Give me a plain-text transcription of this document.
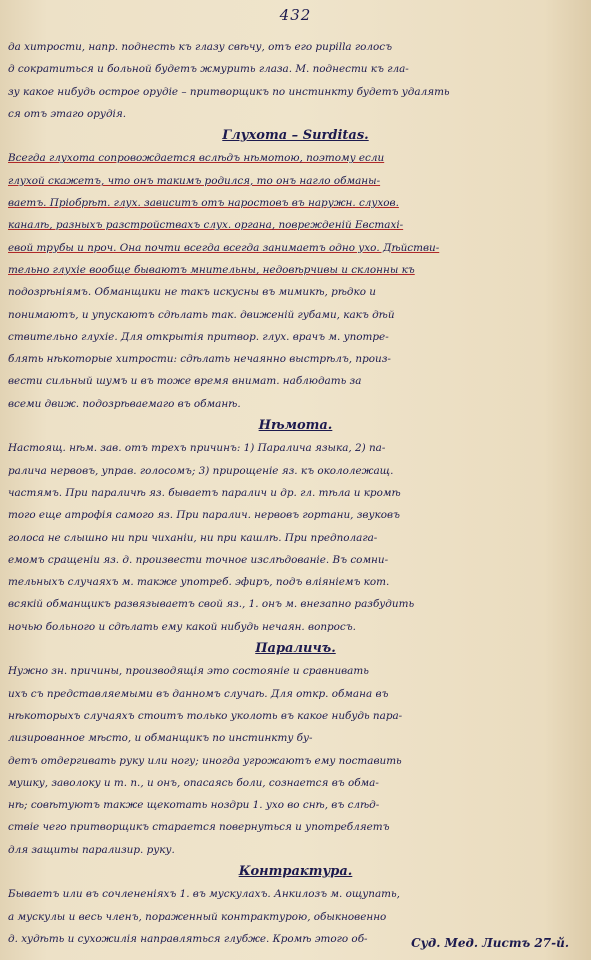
432
да хитрости, напр. поднесть къ глазу свѣчу, отъ его pupilla голосъ
д сократиться и больной будетъ жмурить глаза. М. поднести къ гла-
зу какое нибудь острое орудіе – притворщикъ по инстинкту будетъ удалять
ся отъ этаго орудія.
Глухота – Surditas.
Всегда глухота сопровождается вслѣдъ нѣмотою, поэтому если
глухой скажетъ, что онъ такимъ родился, то онъ нагло обманы-
ваетъ. Пріобрѣт. глух. зависитъ отъ наростовъ въ наружн. слухов.
каналѣ, разныхъ разстройствахъ слух. органа, поврежденій Евстахі-
евой трубы и проч. Она почти всегда всегда занимаетъ одно ухо. Дѣйстви-
тельно глухіе вообще бываютъ мнительны, недовѣрчивы и склонны къ
подозрѣніямъ. Обманщики не такъ искусны въ мимикѣ, рѣдко и
понимаютъ, и упускаютъ сдѣлать так. движеній губами, какъ дѣй
ствительно глухіе. Для открытія притвор. глух. врачъ м. употре-
блять нѣкоторые хитрости: сдѣлать нечаянно выстрѣлъ, произ-
вести сильный шумъ и въ тоже время внимат. наблюдать за
всеми движ. подозрѣваемаго въ обманѣ.
Нѣмота.
Настоящ. нѣм. зав. отъ трехъ причинъ: 1) Паралича языка, 2) па-
ралича нервовъ, управ. голосомъ; 3) прирощеніе яз. къ окололежащ.
частямъ. При параличѣ яз. бываетъ паралич и др. гл. тѣла и кромѣ
того еще атрофія самого яз. При паралич. нервовъ гортани, звуковъ
голоса не слышно ни при чиханіи, ни при кашлѣ. При предполага-
емомъ сращеніи яз. д. произвести точное изслѣдованіе. Въ сомни-
тельныхъ случаяхъ м. также употреб. эфиръ, подъ вліяніемъ кот.
всякій обманщикъ развязываетъ свой яз., 1. онъ м. внезапно разбудить
ночью больного и сдѣлать ему какой нибудь нечаян. вопросъ.
Параличъ.
Нужно зн. причины, производящія это состояніе и сравнивать
ихъ съ представляемыми въ данномъ случаѣ. Для откр. обмана въ
нѣкоторыхъ случаяхъ стоитъ только уколоть въ какое нибудь пара-
лизированное мѣсто, и обманщикъ по инстинкту бу-
детъ отдергивать руку или ногу; иногда угрожаютъ ему поставить
мушку, заволоку и т. п., и онъ, опасаясь боли, сознается въ обма-
нѣ; совѣтуютъ также щекотать ноздри 1. ухо во снѣ, въ слѣд-
ствіе чего притворщикъ старается повернуться и употребляетъ
для защиты парализир. руку.
Контрактура.
Бываетъ или въ сочлененіяхъ 1. въ мускулахъ. Анкилозъ м. ощупать,
а мускулы и весь членъ, пораженный контрактурою, обыкновенно
д. худѣть и сухожилія направляться глубже. Кромѣ этого об-	Суд. Мед. Листъ 27-й.
